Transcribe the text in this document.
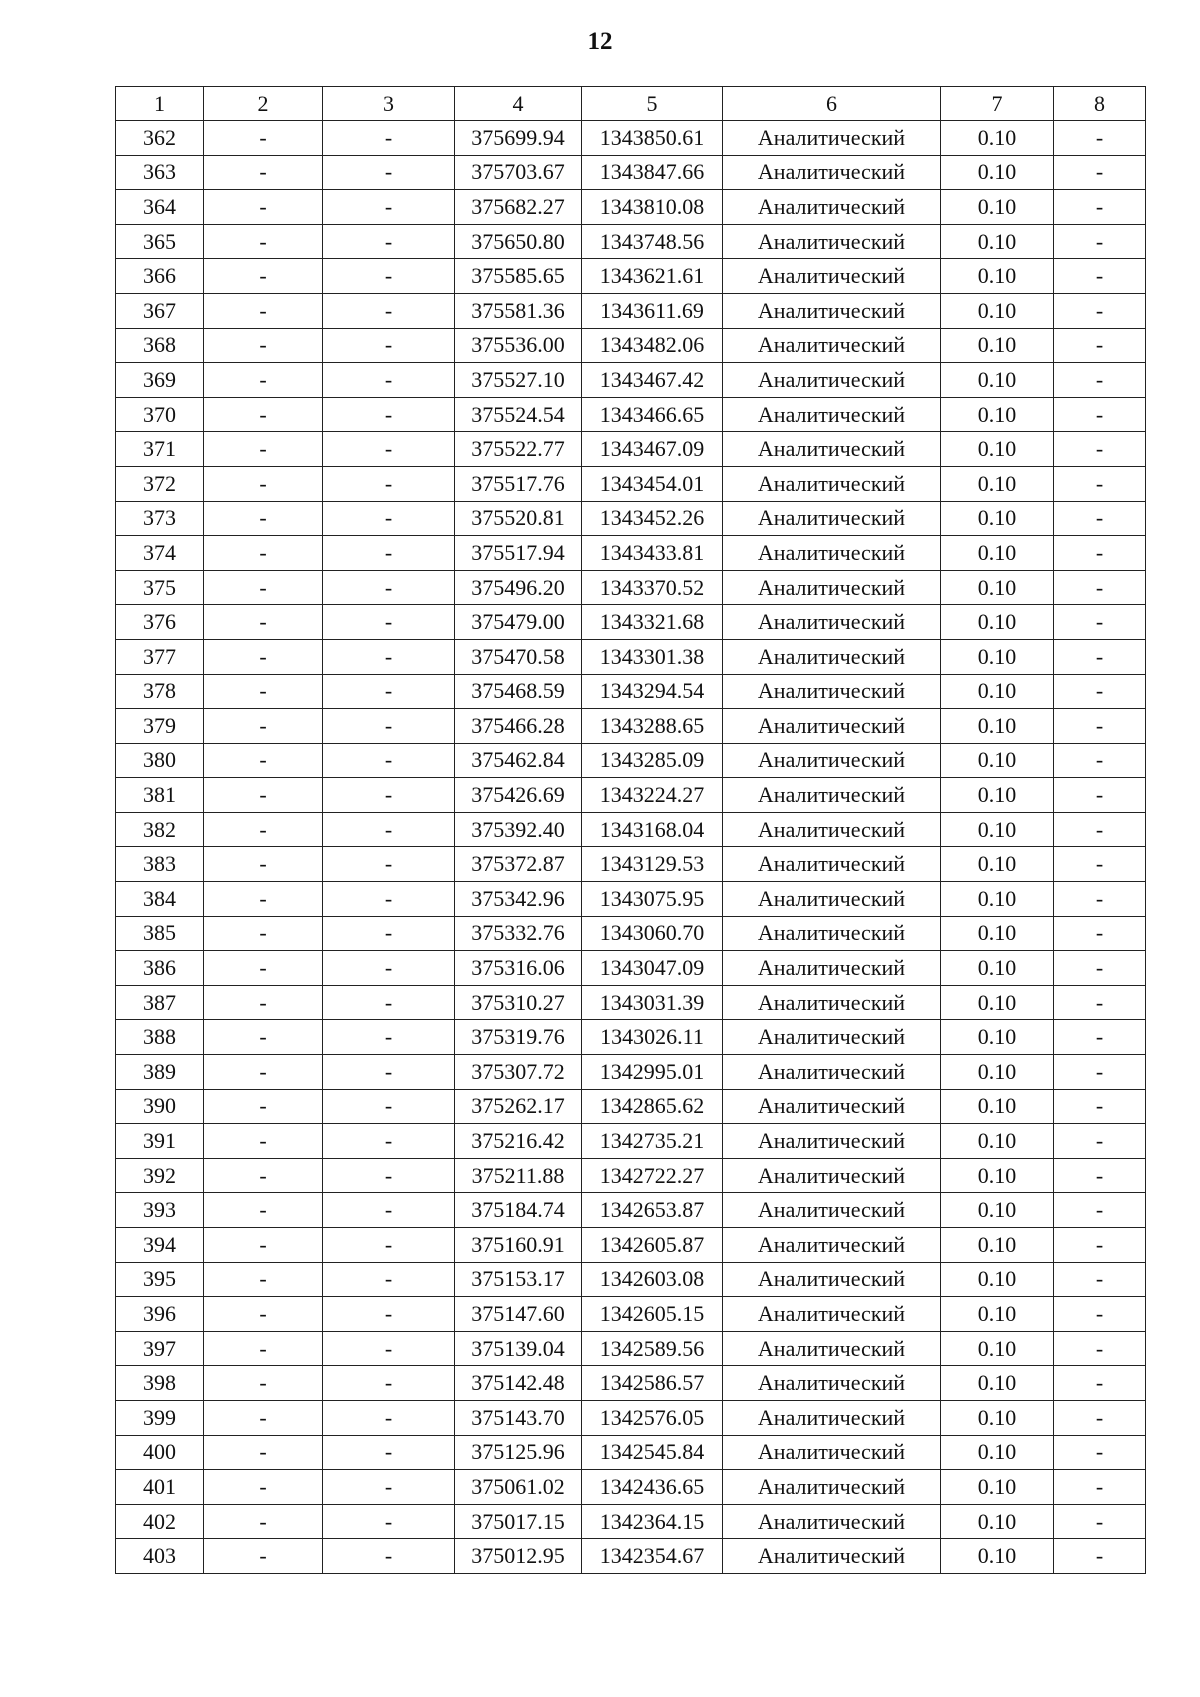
12
1	2	3	4	5	6	7	8
362	-	-	375699.94	1343850.61	Аналитический	0.10	-
363	-	-	375703.67	1343847.66	Аналитический	0.10	-
364	-	-	375682.27	1343810.08	Аналитический	0.10	-
365	-	-	375650.80	1343748.56	Аналитический	0.10	-
366	-	-	375585.65	1343621.61	Аналитический	0.10	-
367	-	-	375581.36	1343611.69	Аналитический	0.10	-
368	-	-	375536.00	1343482.06	Аналитический	0.10	-
369	-	-	375527.10	1343467.42	Аналитический	0.10	-
370	-	-	375524.54	1343466.65	Аналитический	0.10	-
371	-	-	375522.77	1343467.09	Аналитический	0.10	-
372	-	-	375517.76	1343454.01	Аналитический	0.10	-
373	-	-	375520.81	1343452.26	Аналитический	0.10	-
374	-	-	375517.94	1343433.81	Аналитический	0.10	-
375	-	-	375496.20	1343370.52	Аналитический	0.10	-
376	-	-	375479.00	1343321.68	Аналитический	0.10	-
377	-	-	375470.58	1343301.38	Аналитический	0.10	-
378	-	-	375468.59	1343294.54	Аналитический	0.10	-
379	-	-	375466.28	1343288.65	Аналитический	0.10	-
380	-	-	375462.84	1343285.09	Аналитический	0.10	-
381	-	-	375426.69	1343224.27	Аналитический	0.10	-
382	-	-	375392.40	1343168.04	Аналитический	0.10	-
383	-	-	375372.87	1343129.53	Аналитический	0.10	-
384	-	-	375342.96	1343075.95	Аналитический	0.10	-
385	-	-	375332.76	1343060.70	Аналитический	0.10	-
386	-	-	375316.06	1343047.09	Аналитический	0.10	-
387	-	-	375310.27	1343031.39	Аналитический	0.10	-
388	-	-	375319.76	1343026.11	Аналитический	0.10	-
389	-	-	375307.72	1342995.01	Аналитический	0.10	-
390	-	-	375262.17	1342865.62	Аналитический	0.10	-
391	-	-	375216.42	1342735.21	Аналитический	0.10	-
392	-	-	375211.88	1342722.27	Аналитический	0.10	-
393	-	-	375184.74	1342653.87	Аналитический	0.10	-
394	-	-	375160.91	1342605.87	Аналитический	0.10	-
395	-	-	375153.17	1342603.08	Аналитический	0.10	-
396	-	-	375147.60	1342605.15	Аналитический	0.10	-
397	-	-	375139.04	1342589.56	Аналитический	0.10	-
398	-	-	375142.48	1342586.57	Аналитический	0.10	-
399	-	-	375143.70	1342576.05	Аналитический	0.10	-
400	-	-	375125.96	1342545.84	Аналитический	0.10	-
401	-	-	375061.02	1342436.65	Аналитический	0.10	-
402	-	-	375017.15	1342364.15	Аналитический	0.10	-
403	-	-	375012.95	1342354.67	Аналитический	0.10	-
